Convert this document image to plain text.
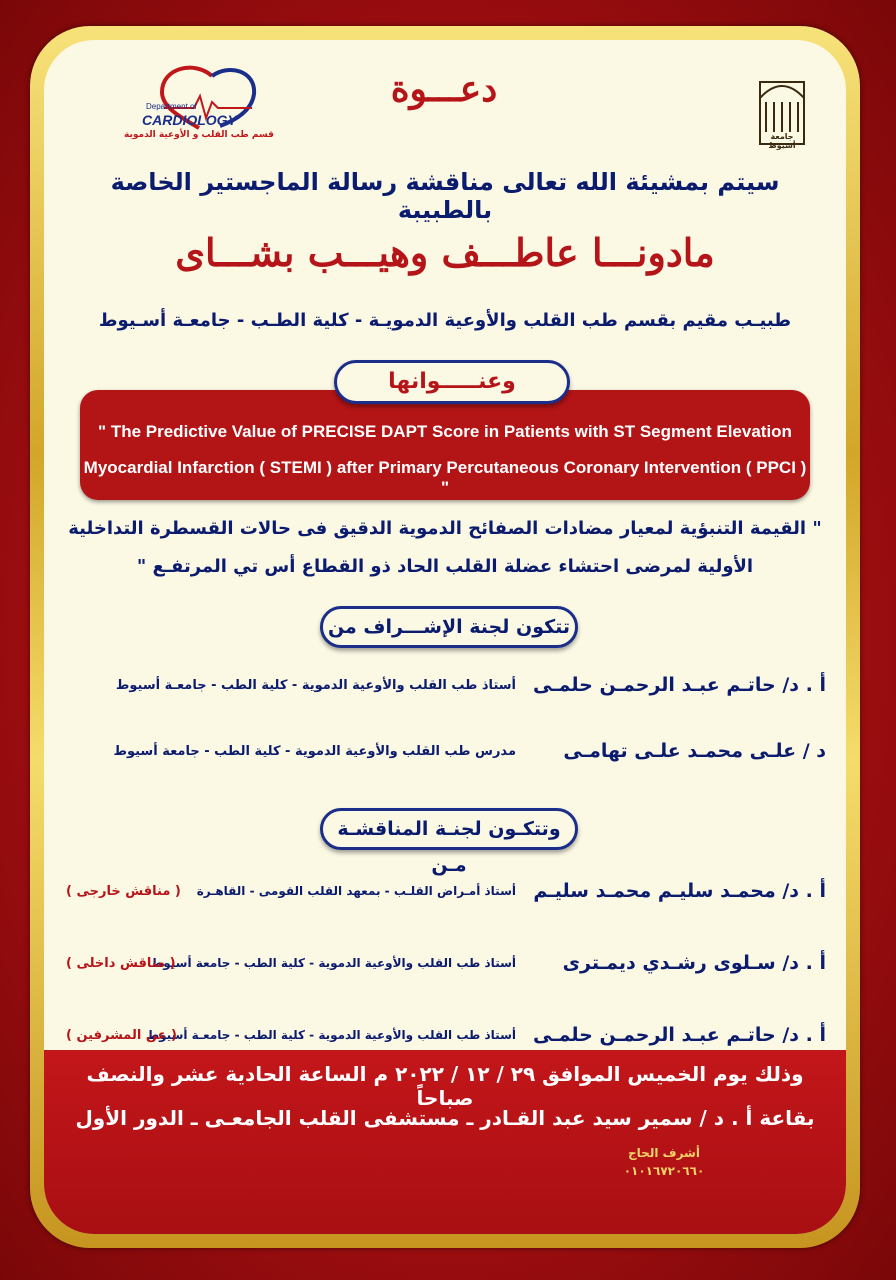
Department of
CARDIOLOGY
قسم طب القلب و الأوعية الدموية	جامعة أسيوط
دعـــوة
سيتم بمشيئة الله تعالى مناقشة رسالة الماجستير الخاصة بالطبيبة
مادونـــا عاطـــف وهيـــب بشـــاى
طبيـب مقيم بقسم طب القلب والأوعية الدمويـة - كلية الطـب - جامعـة أسـيوط
وعنـــــوانها
" The Predictive Value of PRECISE DAPT Score in Patients with ST Segment Elevation
Myocardial Infarction ( STEMI ) after Primary Percutaneous Coronary Intervention ( PPCI ) "
" القيمة التنبؤية لمعيار مضادات الصفائح الدموية الدقيق فى حالات القسطرة التداخلية
الأولية لمرضى احتشاء عضلة القلب الحاد ذو القطاع أس تي المرتفـع "
تتكون لجنة الإشـــراف من
أ . د/ حاتـم عبـد الرحمـن حلمـى
أستاذ طب القلب والأوعية الدموية - كلية الطب - جامعـة أسيوط
د / علـى محمـد علـى تهامـى
مدرس طب القلب والأوعية الدموية - كلية الطب - جامعة أسيوط
وتتكـون لجنـة المناقشـة مـن
أ . د/ محمـد سليـم محمـد سليـم
أستاذ أمـراض القلـب - بمعهد القلب القومى - القاهـرة
( مناقش خارجى )
أ . د/ سـلوى رشـدي ديمـترى
أستاذ طب القلب والأوعية الدموية - كلية الطب - جامعة أسيوط
( مناقش داخلى )
أ . د/ حاتـم عبـد الرحمـن حلمـى
أستاذ طب القلب والأوعية الدموية - كلية الطب - جامعـة أسيوط
( عن المشرفين )
وذلك يوم الخميس الموافق ٢٩ / ١٢ / ٢٠٢٢ م الساعة الحادية عشر والنصف صباحاً
بقاعة أ . د / سمير سيد عبد القـادر ـ مستشفى القلب الجامعـى ـ الدور الأول
أشرف الحاج
٠١٠١٦٧٢٠٦٦٠
